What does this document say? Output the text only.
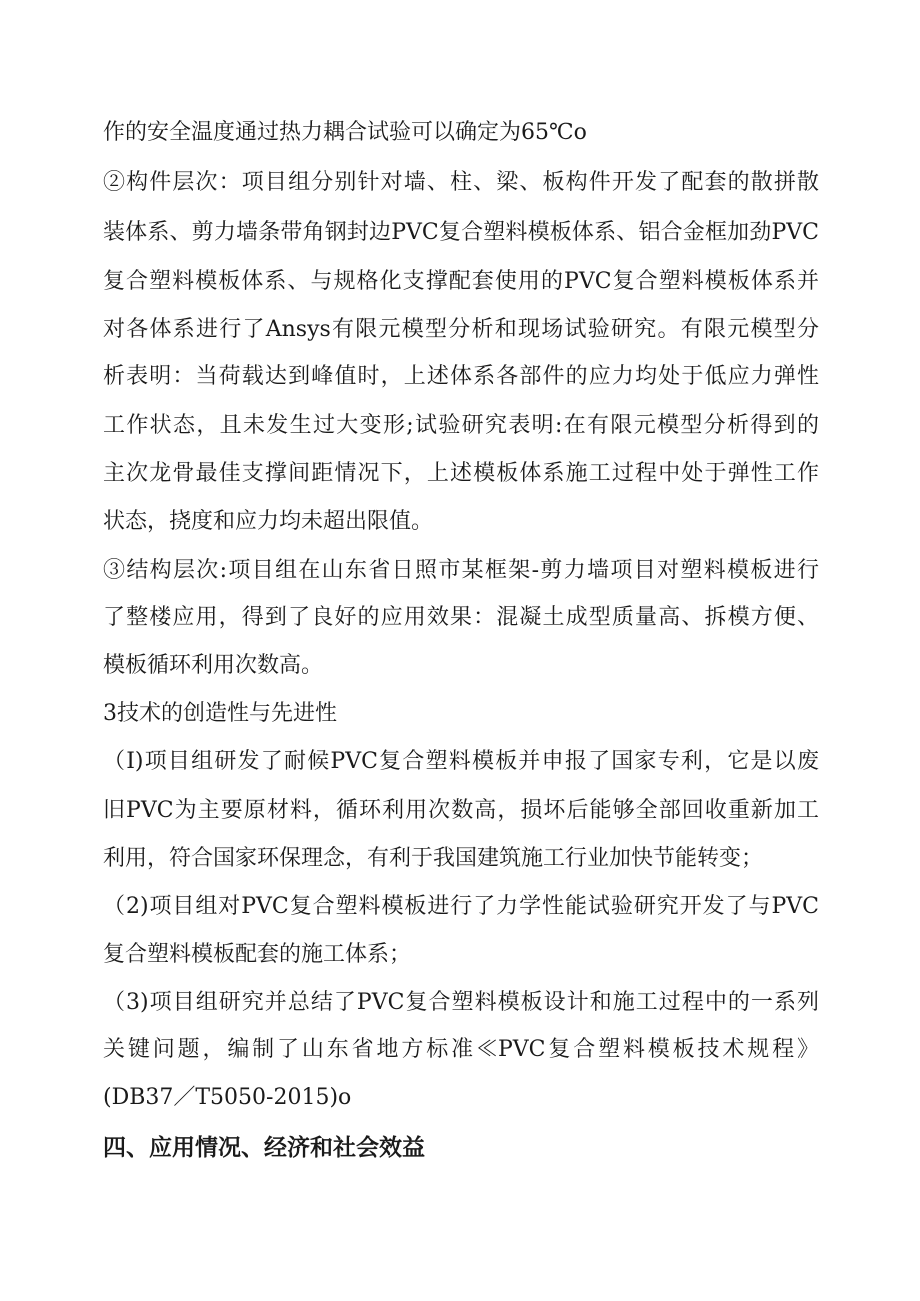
作的安全温度通过热力耦合试验可以确定为65℃o
②构件层次：项目组分别针对墙、柱、梁、板构件开发了配套的散拼散
装体系、剪力墙条带角钢封边PVC复合塑料模板体系、铝合金框加劲PVC
复合塑料模板体系、与规格化支撑配套使用的PVC复合塑料模板体系并
对各体系进行了Ansys有限元模型分析和现场试验研究。有限元模型分
析表明：当荷载达到峰值时，上述体系各部件的应力均处于低应力弹性
工作状态，且未发生过大变形;试验研究表明:在有限元模型分析得到的
主次龙骨最佳支撑间距情况下，上述模板体系施工过程中处于弹性工作
状态，挠度和应力均未超出限值。
③结构层次:项目组在山东省日照市某框架-剪力墙项目对塑料模板进行
了整楼应用，得到了良好的应用效果：混凝土成型质量高、拆模方便、
模板循环利用次数高。
3技术的创造性与先进性
（I)项目组研发了耐候PVC复合塑料模板并申报了国家专利，它是以废
旧PVC为主要原材料，循环利用次数高，损坏后能够全部回收重新加工
利用，符合国家环保理念，有利于我国建筑施工行业加快节能转变；
（2)项目组对PVC复合塑料模板进行了力学性能试验研究开发了与PVC
复合塑料模板配套的施工体系；
（3)项目组研究并总结了PVC复合塑料模板设计和施工过程中的一系列
关键问题，编制了山东省地方标准≪PVC复合塑料模板技术规程》
(DB37／T5050-2015)o
四、应用情况、经济和社会效益
